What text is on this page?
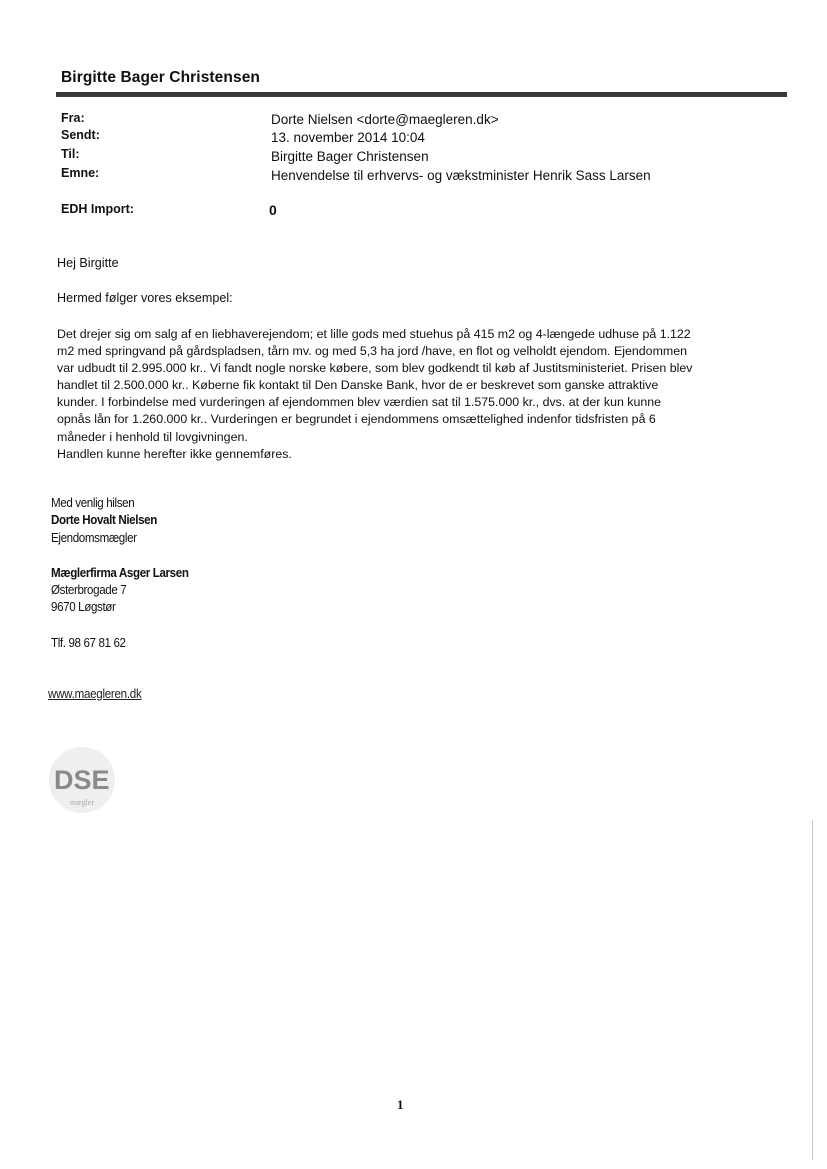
Birgitte Bager Christensen
Fra:	Dorte Nielsen <dorte@maegleren.dk>
Sendt:	13. november 2014 10:04
Til:	Birgitte Bager Christensen
Emne:	Henvendelse til erhvervs- og vækstminister Henrik Sass Larsen
EDH Import:	0
Hej Birgitte
Hermed følger vores eksempel:
Det drejer sig om salg af en liebhaverejendom; et lille gods med stuehus på 415 m2 og 4-længede udhuse på 1.122
m2 med springvand på gårdspladsen, tårn mv. og med 5,3 ha jord /have, en flot og velholdt ejendom. Ejendommen
var udbudt til 2.995.000 kr.. Vi fandt nogle norske købere, som blev godkendt til køb af Justitsministeriet. Prisen blev
handlet til 2.500.000 kr.. Køberne fik kontakt til Den Danske Bank, hvor de er beskrevet som ganske attraktive
kunder. I forbindelse med vurderingen af ejendommen blev værdien sat til 1.575.000 kr., dvs. at der kun kunne
opnås lån for 1.260.000 kr.. Vurderingen er begrundet i ejendommens omsættelighed indenfor tidsfristen på 6
måneder i henhold til lovgivningen.
Handlen kunne herefter ikke gennemføres.
Med venlig hilsen
Dorte Hovalt Nielsen
Ejendomsmægler
Mæglerfirma Asger Larsen
Østerbrogade 7
9670 Løgstør
Tlf. 98 67 81 62
www.maegleren.dk
DSE
mægler
1
